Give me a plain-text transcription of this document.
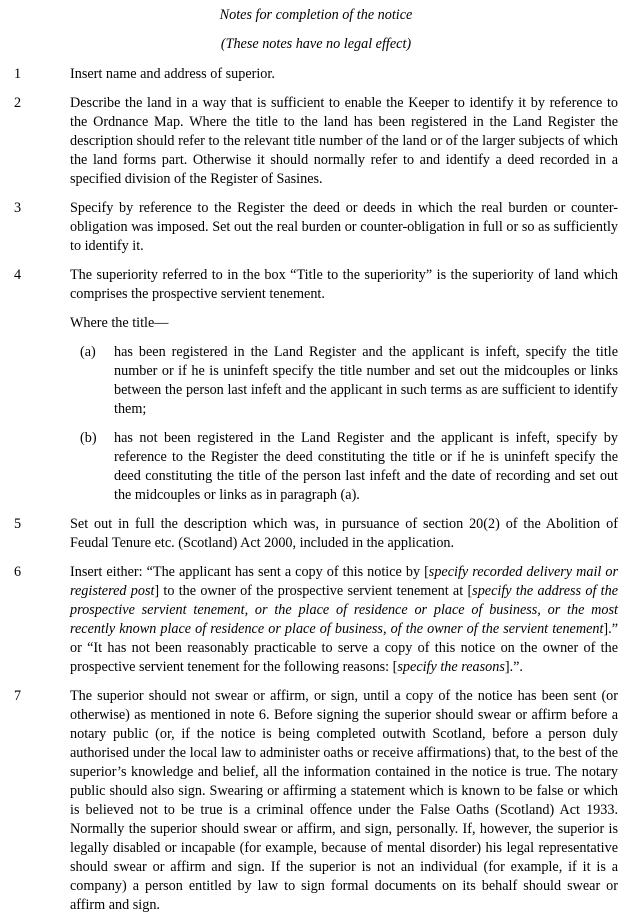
Notes for completion of the notice

(These notes have no legal effect)

1	Insert name and address of superior.

2	Describe the land in a way that is sufficient to enable the Keeper to identify it by reference to the Ordnance Map. Where the title to the land has been registered in the Land Register the description should refer to the relevant title number of the land or of the larger subjects of which the land forms part. Otherwise it should normally refer to and identify a deed recorded in a specified division of the Register of Sasines.

3	Specify by reference to the Register the deed or deeds in which the real burden or counter-obligation was imposed. Set out the real burden or counter-obligation in full or so as sufficiently to identify it.

4	The superiority referred to in the box “Title to the superiority” is the superiority of land which comprises the prospective servient tenement.

Where the title—

(a)	has been registered in the Land Register and the applicant is infeft, specify the title number or if he is uninfeft specify the title number and set out the midcouples or links between the person last infeft and the applicant in such terms as are sufficient to identify them;
(b)	has not been registered in the Land Register and the applicant is infeft, specify by reference to the Register the deed constituting the title or if he is uninfeft specify the deed constituting the title of the person last infeft and the date of recording and set out the midcouples or links as in paragraph (a).
5	Set out in full the description which was, in pursuance of section 20(2) of the Abolition of Feudal Tenure etc. (Scotland) Act 2000, included in the application.

6	Insert either: “The applicant has sent a copy of this notice by [specify recorded delivery mail or registered post] to the owner of the prospective servient tenement at [specify the address of the prospective servient tenement, or the place of residence or place of business, or the most recently known place of residence or place of business, of the owner of the servient tenement].” or “It has not been reasonably practicable to serve a copy of this notice on the owner of the prospective servient tenement for the following reasons: [specify the reasons].”.

7	The superior should not swear or affirm, or sign, until a copy of the notice has been sent (or otherwise) as mentioned in note 6. Before signing the superior should swear or affirm before a notary public (or, if the notice is being completed outwith Scotland, before a person duly authorised under the local law to administer oaths or receive affirmations) that, to the best of the superior’s knowledge and belief, all the information contained in the notice is true. The notary public should also sign. Swearing or affirming a statement which is known to be false or which is believed not to be true is a criminal offence under the False Oaths (Scotland) Act 1933. Normally the superior should swear or affirm, and sign, personally. If, however, the superior is legally disabled or incapable (for example, because of mental disorder) his legal representative should swear or affirm and sign. If the superior is not an individual (for example, if it is a company) a person entitled by law to sign formal documents on its behalf should swear or affirm and sign.
